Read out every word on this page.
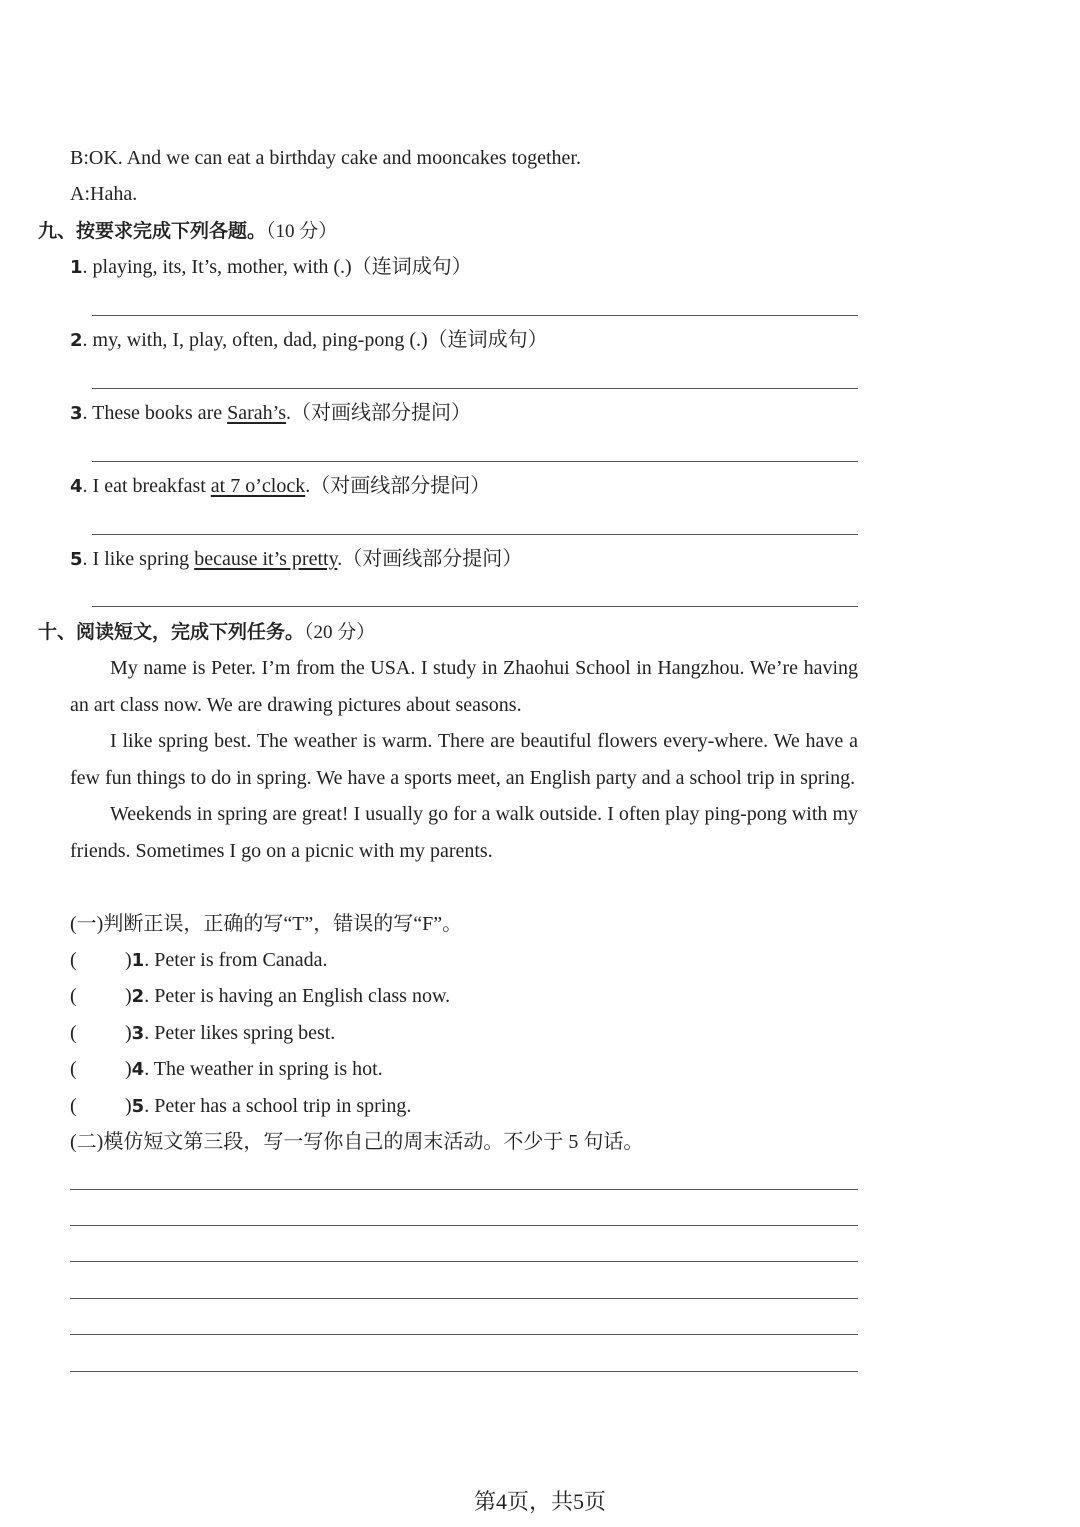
B:OK. And we can eat a birthday cake and mooncakes together.
A:Haha.
九、按要求完成下列各题。（10 分）
1. playing, its, It’s, mother, with (.)（连词成句）
2. my, with, I, play, often, dad, ping-pong (.)（连词成句）
3. These books are Sarah’s.（对画线部分提问）
4. I eat breakfast at 7 o’clock.（对画线部分提问）
5. I like spring because it’s pretty.（对画线部分提问）
十、阅读短文，完成下列任务。（20 分）

My name is Peter. I’m from the USA. I study in Zhaohui School in Hangzhou. We’re having an art class now. We are drawing pictures about seasons.

I like spring best. The weather is warm. There are beautiful flowers every-where. We have a few fun things to do in spring. We have a sports meet, an English party and a school trip in spring.

Weekends in spring are great! I usually go for a walk outside. I often play ping-pong with my friends. Sometimes I go on a picnic with my parents.

(一)判断正误，正确的写“T”，错误的写“F”。
( )1. Peter is from Canada.
( )2. Peter is having an English class now.
( )3. Peter likes spring best.
( )4. The weather in spring is hot.
( )5. Peter has a school trip in spring.
(二)模仿短文第三段，写一写你自己的周末活动。不少于 5 句话。
第4页，共5页
